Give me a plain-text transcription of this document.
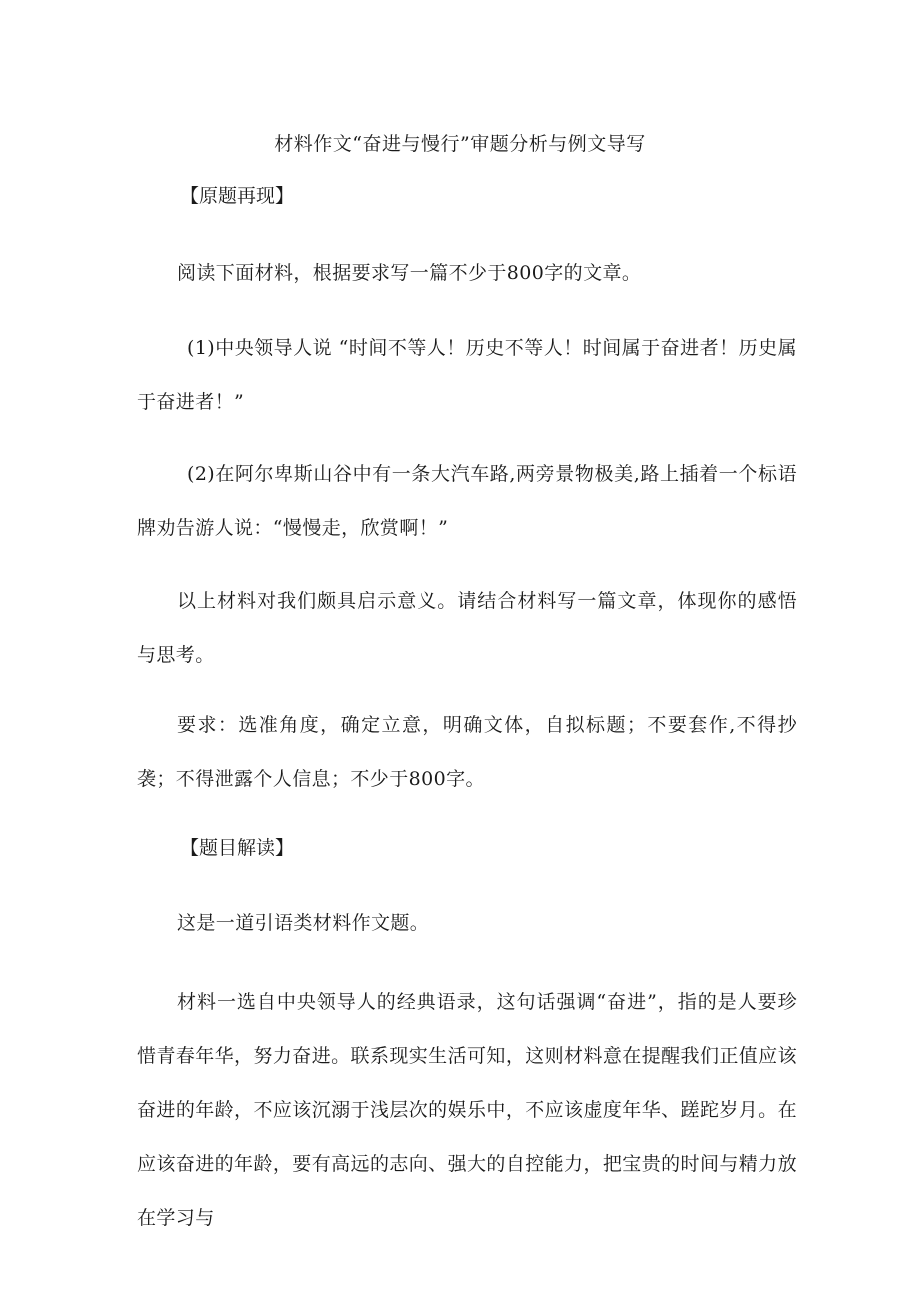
材料作文“奋进与慢行”审题分析与例文导写

【原题再现】

阅读下面材料，根据要求写一篇不少于800字的文章。

(1)中央领导人说 “时间不等人！历史不等人！时间属于奋进者！历史属于奋进者！”

(2)在阿尔卑斯山谷中有一条大汽车路,两旁景物极美,路上插着一个标语牌劝告游人说：“慢慢走，欣赏啊！”

以上材料对我们颇具启示意义。请结合材料写一篇文章，体现你的感悟与思考。

要求：选准角度，确定立意，明确文体，自拟标题；不要套作,不得抄袭；不得泄露个人信息；不少于800字。

【题目解读】

这是一道引语类材料作文题。

材料一选自中央领导人的经典语录，这句话强调“奋进”，指的是人要珍惜青春年华，努力奋进。联系现实生活可知，这则材料意在提醒我们正值应该奋进的年龄，不应该沉溺于浅层次的娱乐中，不应该虚度年华、蹉跎岁月。在应该奋进的年龄，要有高远的志向、强大的自控能力，把宝贵的时间与精力放在学习与
